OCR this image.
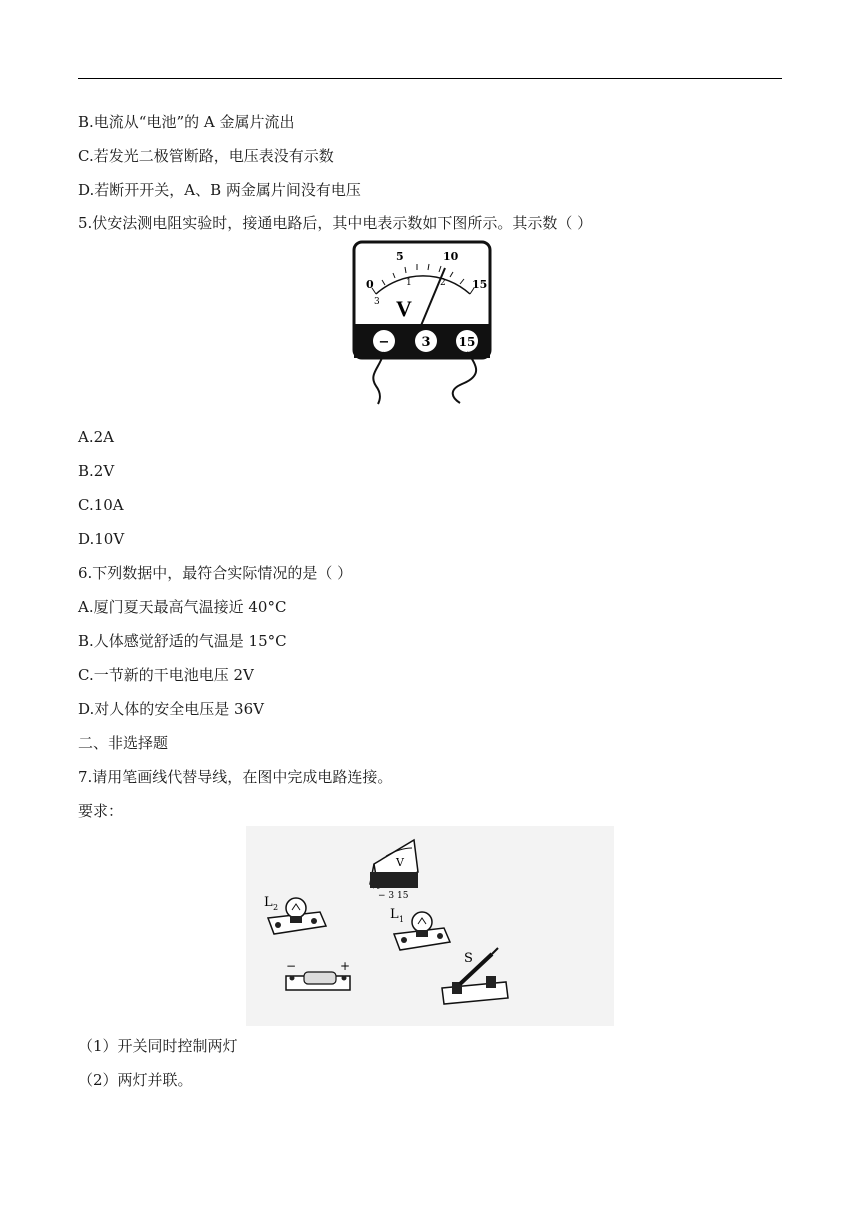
B.电流从“电池”的 A 金属片流出
C.若发光二极管断路，电压表没有示数
D.若断开开关，A、B 两金属片间没有电压
5.伏安法测电阻实验时，接通电路后，其中电表示数如下图所示。其示数（ ）
0
5	10
15
1	2
3 V
− 3 15
A.2A
B.2V
C.10A
D.10V
6.下列数据中，最符合实际情况的是（ ）
A.厦门夏天最高气温接近 40°C
B.人体感觉舒适的气温是 15°C
C.一节新的干电池电压 2V
D.对人体的安全电压是 36V
二、非选择题
7.请用笔画线代替导线，在图中完成电路连接。
要求：
V
− 3 15
L 2	L 1
−	+	S
（1）开关同时控制两灯
（2）两灯并联。
